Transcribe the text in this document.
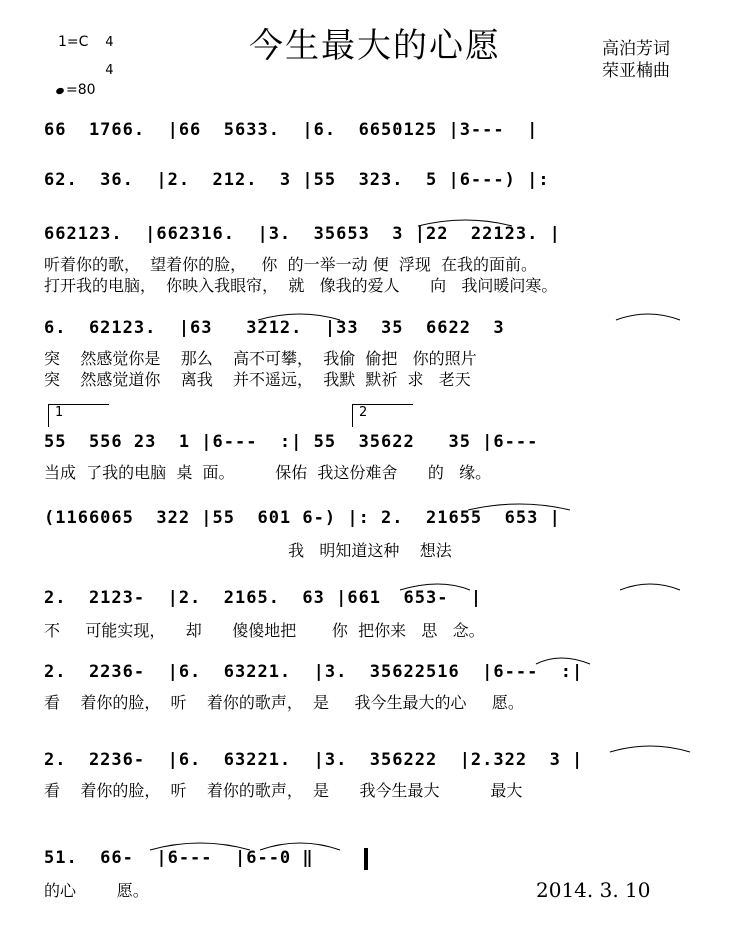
今生最大的心愿
1=C	4

4

=80
高泊芳词
荣亚楠曲
66  1766.  |66  5633.  |6.  6650125 |3---  |
62.  36.  |2.  212.  3 |55  323.  5 |6---) |:
662123.  |662316.  |3.  35653  3 |22  22123. |
听着你的歌，  望着你的脸，   你  的一举一动 便  浮现  在我的面前。
打开我的电脑，  你映入我眼帘，  就   像我的爱人      向   我问暖问寒。
6.  62123.  |63   3212.  |33  35  6622  3
突    然感觉你是    那么    高不可攀，  我偷  偷把   你的照片
突    然感觉道你    离我    并不遥远，  我默  默祈  求   老天
1	2
55  556 23  1 |6---  :| 55  35622   35 |6---
当成  了我的电脑  桌  面。        保佑  我这份难舍      的   缘。
(1166065  322 |55  601 6-) |: 2.  21655  653 |
我   明知道这种    想法
2.  2123-  |2.  2165.  63 |661  653-  |
不     可能实现，    却      傻傻地把       你  把你来   思   念。
2.  2236-  |6.  63221.  |3.  35622516  |6---  :|
看    着你的脸，  听    着你的歌声，  是     我今生最大的心     愿。
2.  2236-  |6.  63221.  |3.  356222  |2.322  3 |
看    着你的脸，  听    着你的歌声，  是      我今生最大          最大
51.  66-  |6---  |6--0 ‖
的心        愿。	2014. 3. 10
